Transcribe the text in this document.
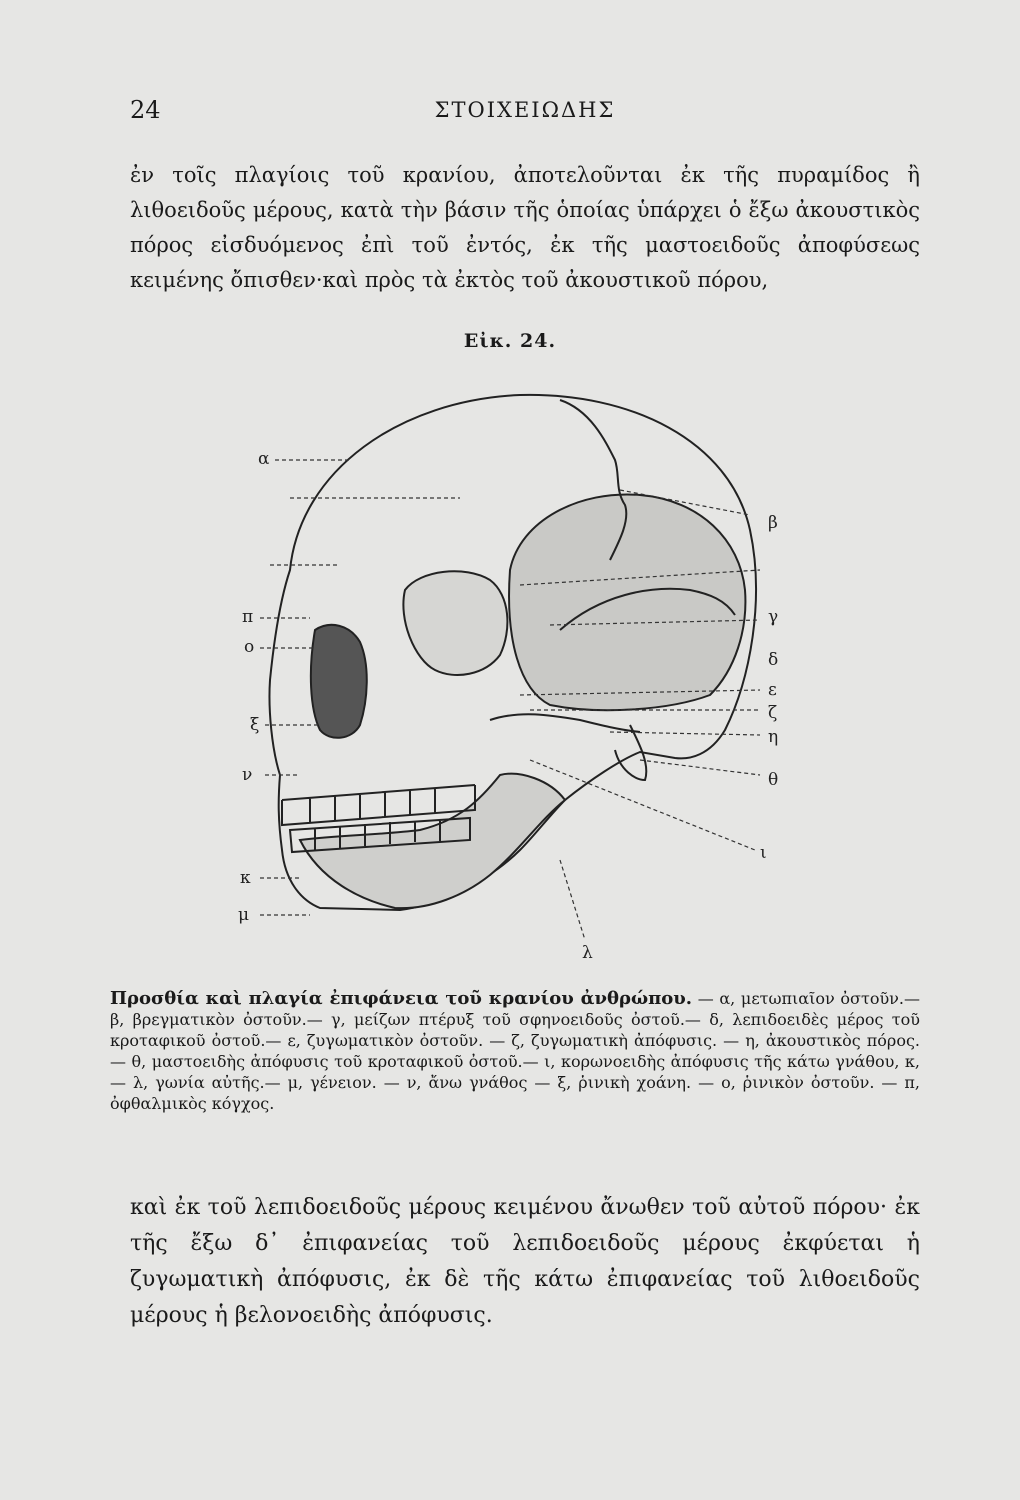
24	ΣΤΟΙΧΕΙΩΔΗΣ

ἐν τοῖς πλαγίοις τοῦ κρανίου, ἀποτελοῦνται ἐκ τῆς πυραμίδος ἢ λιθοειδοῦς μέρους, κατὰ τὴν βάσιν τῆς ὁποίας ὑπάρχει ὁ ἔξω ἀκουστικὸς πόρος εἰσδυόμενος ἐπὶ τοῦ ἐντός, ἐκ τῆς μαστοειδοῦς ἀποφύσεως κειμένης ὄπισθεν·καὶ πρὸς τὰ ἐκτὸς τοῦ ἀκουστικοῦ πόρου,

Εἰκ. 24.
α
β
γ
δ
ε
ζ
η
θ
ι
κ
λ
μ
ν
ξ
ο
π
Προσθία καὶ πλαγία ἐπιφάνεια τοῦ κρανίου ἀνθρώπου. — α, μετωπιαῖον ὀστοῦν.— β, βρεγματικὸν ὀστοῦν.— γ, μείζων πτέρυξ τοῦ σφηνοειδοῦς ὀστοῦ.— δ, λεπιδοειδὲς μέρος τοῦ κροταφικοῦ ὀστοῦ.— ε, ζυγωματικὸν ὀστοῦν. — ζ, ζυγωματικὴ ἀπόφυσις. — η, ἀκουστικὸς πόρος. — θ, μαστοειδὴς ἀπόφυσις τοῦ κροταφικοῦ ὀστοῦ.— ι, κορωνοειδὴς ἀπόφυσις τῆς κάτω γνάθου, κ, — λ, γωνία αὐτῆς.— μ, γένειον. — ν, ἄνω γνάθος — ξ, ῥινικὴ χοάνη. — ο, ῥινικὸν ὀστοῦν. — π, ὀφθαλμικὸς κόγχος.

καὶ ἐκ τοῦ λεπιδοειδοῦς μέρους κειμένου ἄνωθεν τοῦ αὐτοῦ πόρου· ἐκ τῆς ἔξω δ᾽ ἐπιφανείας τοῦ λεπιδοειδοῦς μέρους ἐκφύεται ἡ ζυγωματικὴ ἀπόφυσις, ἐκ δὲ τῆς κάτω ἐπιφανείας τοῦ λιθοειδοῦς μέρους ἡ βελονοειδὴς ἀπόφυσις.
